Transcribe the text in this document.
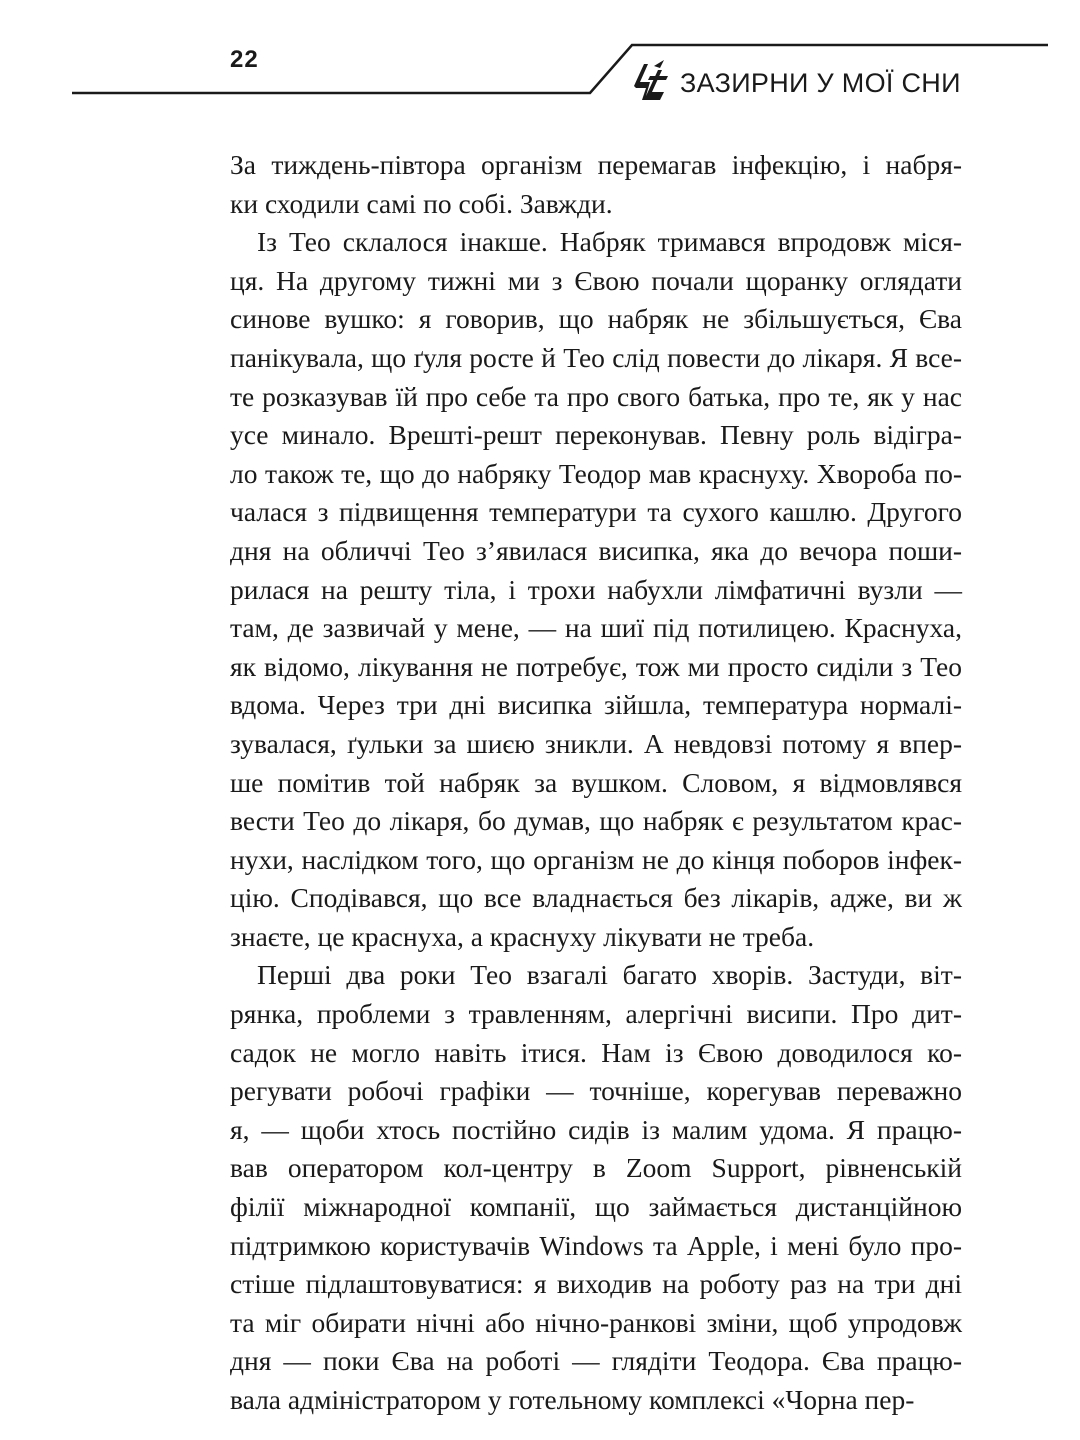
22
ЗАЗИРНИ У МОЇ СНИ
За тиждень-півтора організм перемагав інфекцію, і набря-
ки сходили самі по собі. Завжди.
Із Тео склалося інакше. Набряк тримався впродовж міся-
ця. На другому тижні ми з Євою почали щоранку оглядати
синове вушко: я говорив, що набряк не збільшується, Єва
панікувала, що ґуля росте й Тео слід повести до лікаря. Я все-
те розказував їй про себе та про свого батька, про те, як у нас
усе минало. Врешті-решт переконував. Певну роль відігра-
ло також те, що до набряку Теодор мав краснуху. Хвороба по-
чалася з підвищення температури та сухого кашлю. Другого
дня на обличчі Тео з’явилася висипка, яка до вечора поши-
рилася на решту тіла, і трохи набухли лімфатичні вузли —
там, де зазвичай у мене, — на шиї під потилицею. Краснуха,
як відомо, лікування не потребує, тож ми просто сиділи з Тео
вдома. Через три дні висипка зійшла, температура нормалі-
зувалася, ґульки за шиєю зникли. А невдовзі потому я впер-
ше помітив той набряк за вушком. Словом, я відмовлявся
вести Тео до лікаря, бо думав, що набряк є результатом крас-
нухи, наслідком того, що організм не до кінця поборов інфек-
цію. Сподівався, що все владнається без лікарів, адже, ви ж
знаєте, це краснуха, а краснуху лікувати не треба.
Перші два роки Тео взагалі багато хворів. Застуди, віт-
рянка, проблеми з травленням, алергічні висипи. Про дит-
садок не могло навіть ітися. Нам із Євою доводилося ко-
регувати робочі графіки — точніше, корегував переважно
я, — щоби хтось постійно сидів із малим удома. Я працю-
вав оператором кол-центру в Zoom Support, рівненській
філії міжнародної компанії, що займається дистанційною
підтримкою користувачів Windows та Apple, і мені було про-
стіше підлаштовуватися: я виходив на роботу раз на три дні
та міг обирати нічні або нічно-ранкові зміни, щоб упродовж
дня — поки Єва на роботі — глядіти Теодора. Єва працю-
вала адміністратором у готельному комплексі «Чорна пер-
